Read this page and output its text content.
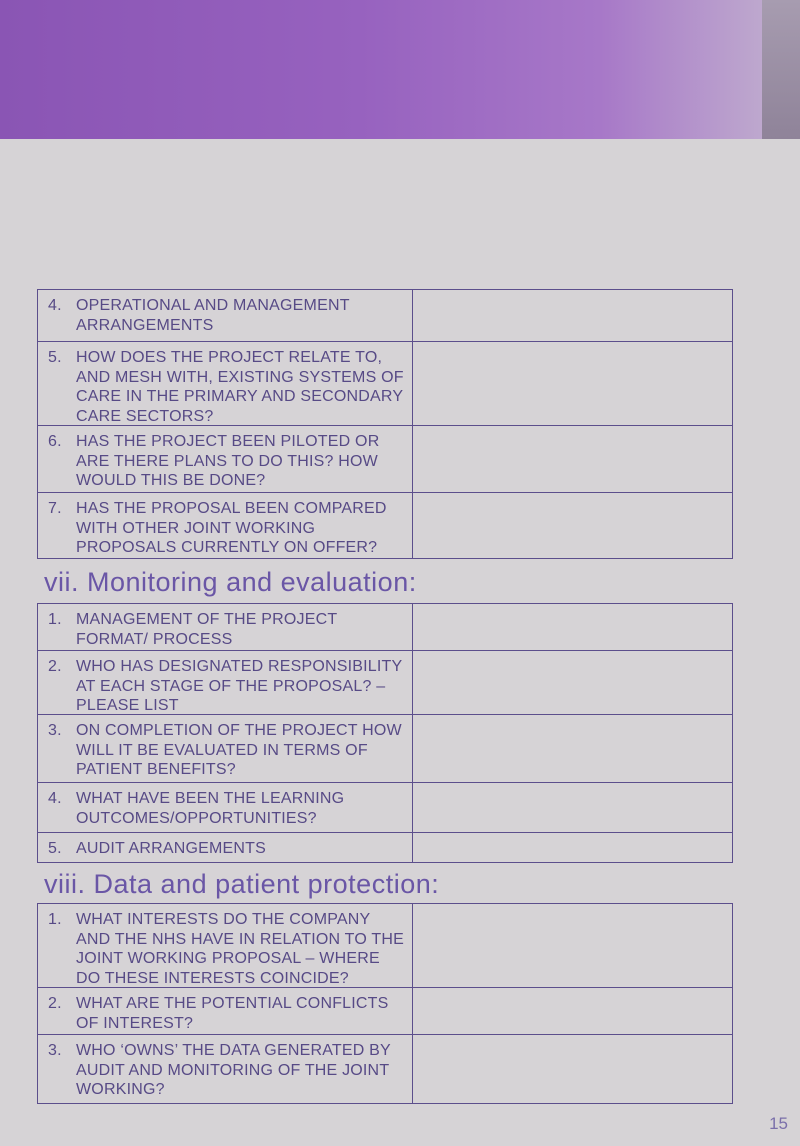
4. OPERATIONAL AND MANAGEMENT ARRANGEMENTS
5. HOW DOES THE PROJECT RELATE TO, AND MESH WITH, EXISTING SYSTEMS OF CARE IN THE PRIMARY AND SECONDARY CARE SECTORS?
6. HAS THE PROJECT BEEN PILOTED OR ARE THERE PLANS TO DO THIS? HOW WOULD THIS BE DONE?
7. HAS THE PROPOSAL BEEN COMPARED WITH OTHER JOINT WORKING PROPOSALS CURRENTLY ON OFFER?
vii. Monitoring and evaluation:
1. MANAGEMENT OF THE PROJECT FORMAT/ PROCESS
2. WHO HAS DESIGNATED RESPONSIBILITY AT EACH STAGE OF THE PROPOSAL? – PLEASE LIST
3. ON COMPLETION OF THE PROJECT HOW WILL IT BE EVALUATED IN TERMS OF PATIENT BENEFITS?
4. WHAT HAVE BEEN THE LEARNING OUTCOMES/OPPORTUNITIES?
5. AUDIT ARRANGEMENTS
viii. Data and patient protection:
1. WHAT INTERESTS DO THE COMPANY AND THE NHS HAVE IN RELATION TO THE JOINT WORKING PROPOSAL – WHERE DO THESE INTERESTS COINCIDE?
2. WHAT ARE THE POTENTIAL CONFLICTS OF INTEREST?
3. WHO ‘OWNS’ THE DATA GENERATED BY AUDIT AND MONITORING OF THE JOINT WORKING?
15
